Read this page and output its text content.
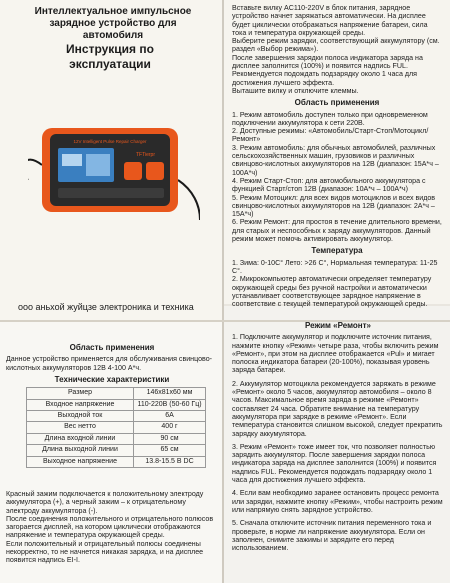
Интеллектуальное импульсное зарядное устройство для автомобиля
Инструкция по эксплуатации
12V Intelligent Pulse Repair Charger
TFTierpr
ооо аньхой жуйцзе электроника и техника

Вставьте вилку AC110-220V в блок питания, зарядное устройство начнет заряжаться автоматически. На дисплее будет циклически отображаться напряжение батареи, сила тока и температура окружающей среды.

Выберите режим зарядки, соответствующий аккумулятору (см. раздел «Выбор режима»).

После завершения зарядки полоса индикатора заряда на дисплее заполнится (100%) и появится надпись FUL. Рекомендуется подождать подзарядку около 1 часа для достижения лучшего эффекта.

Выташите вилку и отключите клеммы.

Область применения

1. Режим автомобиль доступен только при одновременном подключении аккумулятора к сети 220В.

2. Доступные режимы: «Автомобиль/Старт-Стоп/Мотоцикл/Ремонт»

3. Режим автомобиль: для обычных автомобилей, различных сельскохозяйственных машин, грузовиков и различных свинцово-кислотных аккумуляторов на 12В (диапазон: 15А*ч – 100А*ч)

4. Режим Старт-Стоп: для автомобильного аккумулятора с функцией Старт/стоп 12В (диапазон: 10А*ч – 100А*ч)

5. Режим Мотоцикл: для всех видов мотоциклов и всех видов свинцово-кислотных аккумуляторов на 12В (диапазон: 2А*ч – 15А*ч)

6. Режим Ремонт: для простоя в течение длительного времени, для старых и неспособных к заряду аккумуляторов. Данный режим может помочь активировать аккумулятор.

Температура

1. Зима: 0-10C° Лето: >26 C°, Нормальная температура: 11-25 C°.

2. Микрокомпьютер автоматически определяет температуру окружающей среды без ручной настройки и автоматически устанавливает соответствующее зарядное напряжение в соответствие с текущей температурой окружающей среды.

Область применения

Данное устройство применяется для обслуживания свинцово-кислотных аккумуляторов 12В 4-100 А*ч.

Технические характеристики
Размер	146x81x60 мм
Входное напряжение	110-220В (50-60 Гц)
Выходной ток	6А
Вес нетто	400 г
Длина входной линии	90 см
Длина выходной линии	65 см
Выходное напряжение	13.8-15.5 В DC

Красный зажим подключается к положительному электроду аккумулятора (+), а черный зажим – к отрицательному электроду аккумулятора (-).

После соединения положительного и отрицательного полюсов загорается дисплей, на котором циклически отображаются напряжение и температура окружающей среды.

Если положительный и отрицательный полюсы соединены некорректно, то не начнется никакая зарядка, и на дисплее появится надпись EI-I.

Режим «Ремонт»

1. Подключите аккумулятор и подключите источник питания, нажмите кнопку «Режим» четыре раза, чтобы включить режим «Ремонт», при этом на дисплее отображается «Pul» и мигает полоска индикатора батареи (20-100%), показывая уровень заряда батареи.

2. Аккумулятор мотоцикла рекомендуется заряжать в режиме «Ремонт» около 5 часов, аккумулятор автомобиля – около 8 часов. Максимальное время заряда в режиме «Ремонт» составляет 24 часа. Обратите внимание на температуру аккумулятора при зарядке в режиме «Ремонт». Если температура становится слишком высокой, следует прекратить зарядку аккумулятора.

3. Режим «Ремонт» тоже имеет ток, что позволяет полностью зарядить аккумулятор. После завершения зарядки полоса индикатора заряда на дисплее заполнится (100%) и появится надпись FUL. Рекомендуется подождать подзарядку около 1 часа для достижения лучшего эффекта.

4. Если вам необходимо заранее остановить процесс ремонта или зарядки, нажмите кнопку «Режим», чтобы настроить режим или напрямую снять зарядное устройство.

5. Сначала отключите источник питания переменного тока и проверьте, в норме ли напряжение аккумулятора. Если он заполнен, снимите зажимы и зарядите его перед использованием.
